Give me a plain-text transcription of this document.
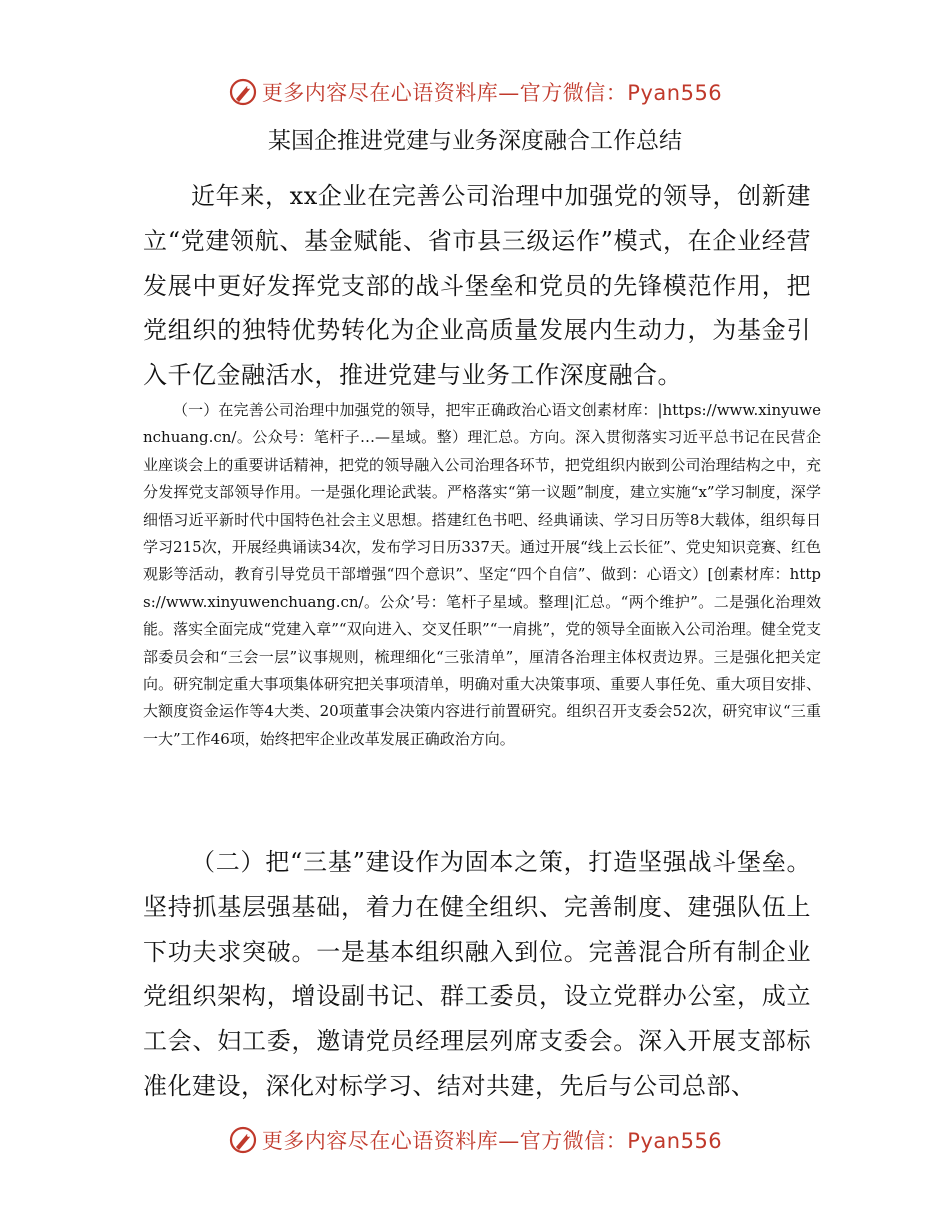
更多内容尽在心语资料库—官方微信：Pyan556
某国企推进党建与业务深度融合工作总结

近年来，xx企业在完善公司治理中加强党的领导，创新建立“党建领航、基金赋能、省市县三级运作”模式，在企业经营发展中更好发挥党支部的战斗堡垒和党员的先锋模范作用，把党组织的独特优势转化为企业高质量发展内生动力，为基金引入千亿金融活水，推进党建与业务工作深度融合。

（一）在完善公司治理中加强党的领导，把牢正确政治心语文创素材库：|https://www.xinyuwenchuang.cn/。公众号：笔杆子…—星域。整）理汇总。方向。深入贯彻落实习近平总书记在民营企业座谈会上的重要讲话精神，把党的领导融入公司治理各环节，把党组织内嵌到公司治理结构之中，充分发挥党支部领导作用。一是强化理论武装。严格落实“第一议题”制度，建立实施“x”学习制度，深学细悟习近平新时代中国特色社会主义思想。搭建红色书吧、经典诵读、学习日历等8大载体，组织每日学习215次，开展经典诵读34次，发布学习日历337天。通过开展“线上云长征”、党史知识竞赛、红色观影等活动，教育引导党员干部增强“四个意识”、坚定“四个自信”、做到：心语文）[创素材库：https://www.xinyuwenchuang.cn/。公众’号：笔杆子星域。整理|汇总。“两个维护”。二是强化治理效能。落实全面完成“党建入章”“双向进入、交叉任职”“一肩挑”，党的领导全面嵌入公司治理。健全党支部委员会和“三会一层”议事规则，梳理细化“三张清单”，厘清各治理主体权责边界。三是强化把关定向。研究制定重大事项集体研究把关事项清单，明确对重大决策事项、重要人事任免、重大项目安排、大额度资金运作等4大类、20项董事会决策内容进行前置研究。组织召开支委会52次，研究审议“三重一大”工作46项，始终把牢企业改革发展正确政治方向。

（二）把“三基”建设作为固本之策，打造坚强战斗堡垒。坚持抓基层强基础，着力在健全组织、完善制度、建强队伍上下功夫求突破。一是基本组织融入到位。完善混合所有制企业党组织架构，增设副书记、群工委员，设立党群办公室，成立工会、妇工委，邀请党员经理层列席支委会。深入开展支部标准化建设，深化对标学习、结对共建，先后与公司总部、

更多内容尽在心语资料库—官方微信：Pyan556
